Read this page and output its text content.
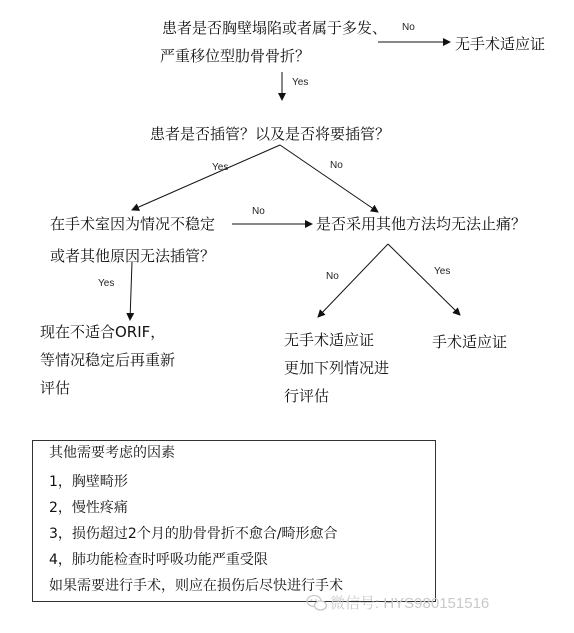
患者是否胸壁塌陷或者属于多发、
严重移位型肋骨骨折？
无手术适应证
患者是否插管？以及是否将要插管？
在手术室因为情况不稳定
或者其他原因无法插管？
是否采用其他方法均无法止痛？
现在不适合ORIF，
等情况稳定后再重新
评估
无手术适应证
更加下列情况进
行评估
手术适应证
No
Yes
Yes	No
No
Yes
No	Yes
其他需要考虑的因素
1，胸壁畸形
2，慢性疼痛
3，损伤超过2个月的肋骨骨折不愈合/畸形愈合
4，肺功能检查时呼吸功能严重受限
如果需要进行手术，则应在损伤后尽快进行手术
微信号: HYS980151516
